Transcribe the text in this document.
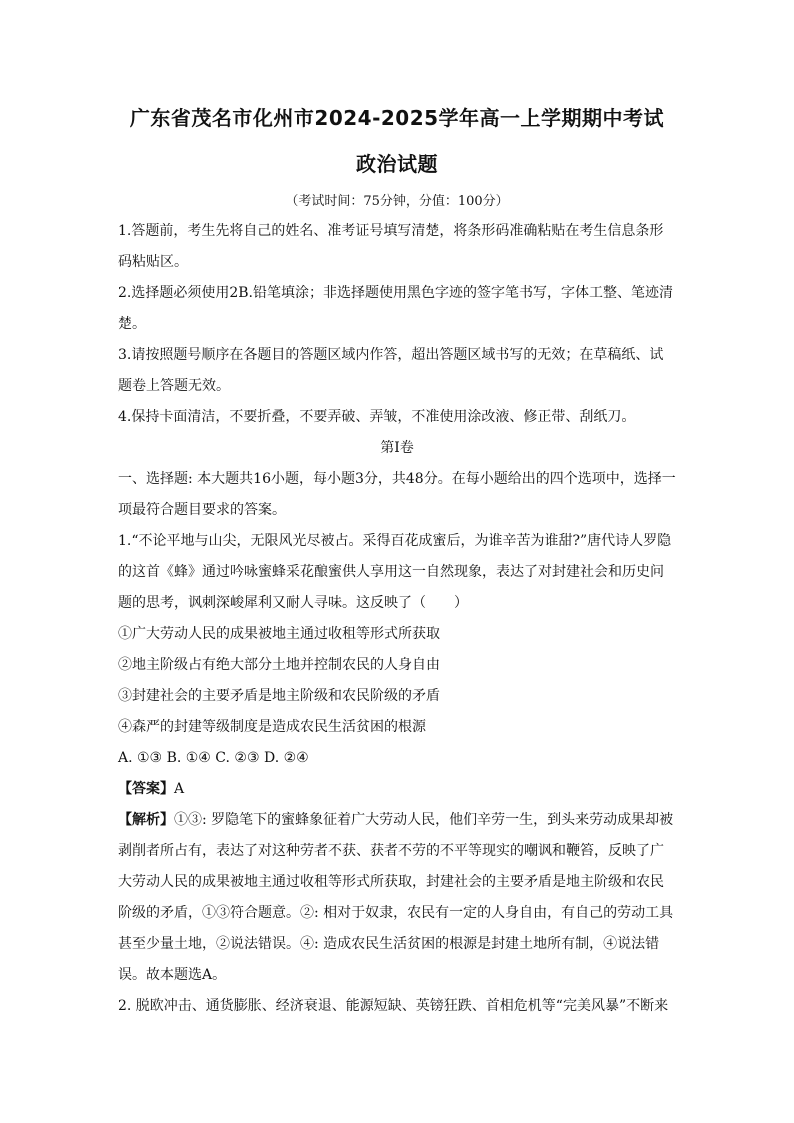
广东省茂名市化州市2024-2025学年高一上学期期中考试
政治试题
（考试时间：75分钟，分值：100分）

1.答题前，考生先将自己的姓名、准考证号填写清楚，将条形码准确粘贴在考生信息条形码粘贴区。

2.选择题必须使用2B.铅笔填涂；非选择题使用黑色字迹的签字笔书写，字体工整、笔迹清楚。

3.请按照题号顺序在各题目的答题区域内作答，超出答题区域书写的无效；在草稿纸、试题卷上答题无效。

4.保持卡面清洁，不要折叠，不要弄破、弄皱，不准使用涂改液、修正带、刮纸刀。

第Ⅰ卷

一、选择题: 本大题共16小题，每小题3分，共48分。在每小题给出的四个选项中，选择一项最符合题目要求的答案。

1.“不论平地与山尖，无限风光尽被占。采得百花成蜜后，为谁辛苦为谁甜?”唐代诗人罗隐的这首《蜂》通过吟咏蜜蜂采花酿蜜供人享用这一自然现象，表达了对封建社会和历史问题的思考，讽刺深峻犀利又耐人寻味。这反映了（　　）

①广大劳动人民的成果被地主通过收租等形式所获取

②地主阶级占有绝大部分土地并控制农民的人身自由

③封建社会的主要矛盾是地主阶级和农民阶级的矛盾

④森严的封建等级制度是造成农民生活贫困的根源

A. ①③ B. ①④ C. ②③ D. ②④

【答案】A

【解析】①③: 罗隐笔下的蜜蜂象征着广大劳动人民，他们辛劳一生，到头来劳动成果却被剥削者所占有，表达了对这种劳者不获、获者不劳的不平等现实的嘲讽和鞭笞，反映了广大劳动人民的成果被地主通过收租等形式所获取，封建社会的主要矛盾是地主阶级和农民阶级的矛盾，①③符合题意。②: 相对于奴隶，农民有一定的人身自由，有自己的劳动工具甚至少量土地，②说法错误。④: 造成农民生活贫困的根源是封建土地所有制，④说法错误。故本题选A。

2. 脱欧冲击、通货膨胀、经济衰退、能源短缺、英镑狂跌、首相危机等“完美风暴”不断来
